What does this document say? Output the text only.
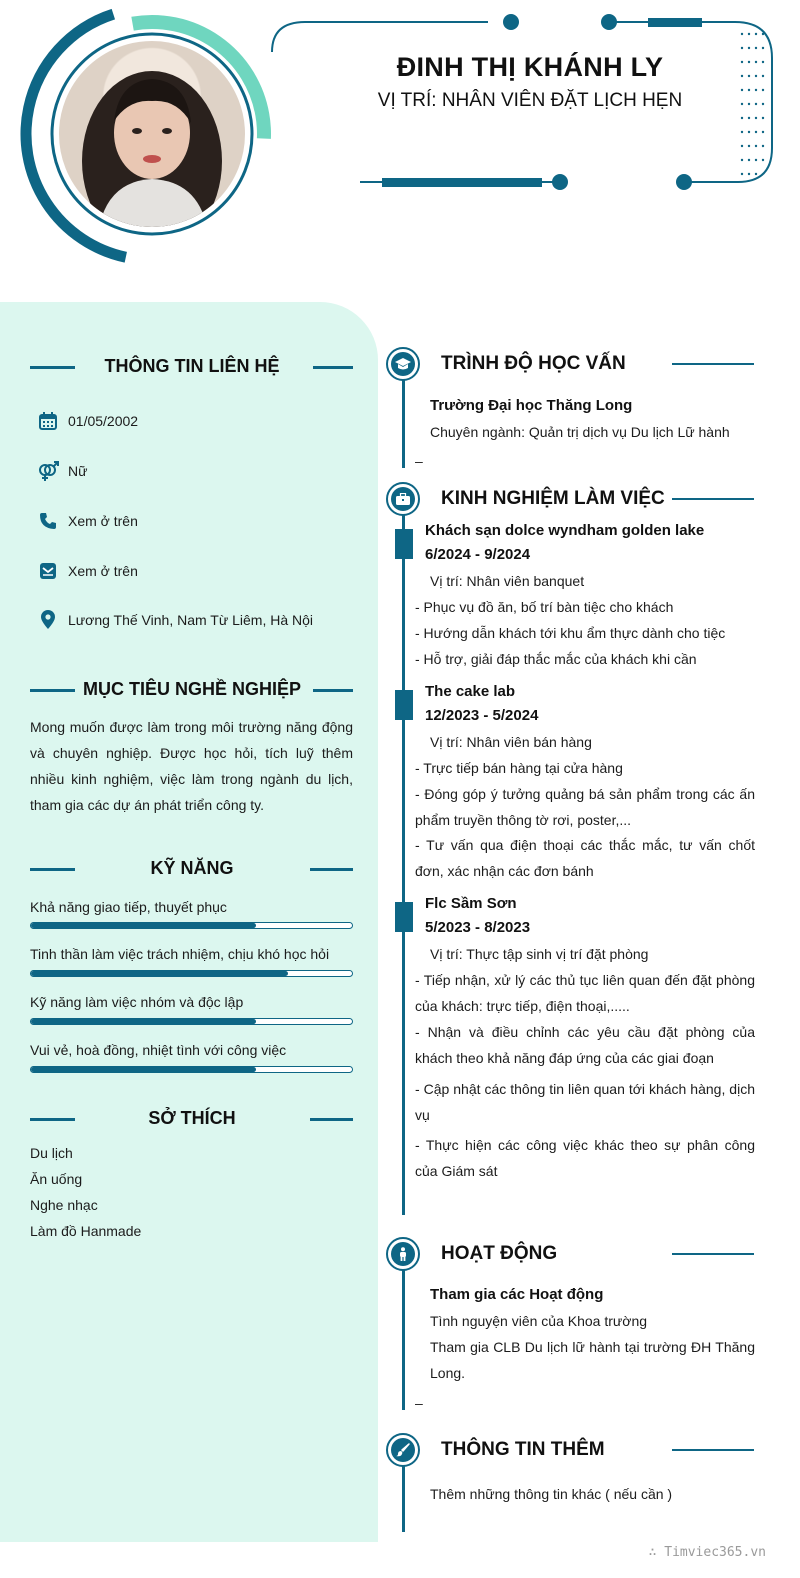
ĐINH THỊ KHÁNH LY
VỊ TRÍ: NHÂN VIÊN ĐẶT LỊCH HẸN
THÔNG TIN LIÊN HỆ
01/05/2002
Nữ
Xem ở trên
Xem ở trên
Lương Thế Vinh, Nam Từ Liêm, Hà Nội
MỤC TIÊU NGHỀ NGHIỆP
Mong muốn được làm trong môi trường năng động và chuyên nghiệp. Được học hỏi, tích luỹ thêm nhiều kinh nghiệm, việc làm trong ngành du lịch, tham gia các dự án phát triển công ty.
KỸ NĂNG
Khả năng giao tiếp, thuyết phục
Tinh thần làm việc trách nhiệm, chịu khó học hỏi
Kỹ năng làm việc nhóm và độc lập
Vui vẻ, hoà đồng, nhiệt tình với công việc
SỞ THÍCH
Du lịch
Ăn uống
Nghe nhạc
Làm đồ Hanmade
TRÌNH ĐỘ HỌC VẤN
Trường Đại học Thăng Long
Chuyên ngành: Quản trị dịch vụ Du lịch Lữ hành
–
KINH NGHIỆM LÀM VIỆC
Khách sạn dolce wyndham golden lake
6/2024 - 9/2024
Vị trí: Nhân viên banquet
- Phục vụ đồ ăn, bố trí bàn tiệc cho khách
- Hướng dẫn khách tới khu ẩm thực dành cho tiệc
- Hỗ trợ, giải đáp thắc mắc của khách khi cần
The cake lab
12/2023 - 5/2024
Vị trí: Nhân viên bán hàng
- Trực tiếp bán hàng tại cửa hàng
- Đóng góp ý tưởng quảng bá sản phẩm trong các ấn phẩm truyền thông tờ rơi, poster,...
- Tư vấn qua điện thoại các thắc mắc, tư vấn chốt đơn, xác nhận các đơn bánh
Flc Sầm Sơn
5/2023 - 8/2023
Vị trí: Thực tập sinh vị trí đặt phòng
- Tiếp nhận, xử lý các thủ tục liên quan đến đặt phòng của khách: trực tiếp, điện thoại,.....
- Nhận và điều chỉnh các yêu cầu đặt phòng của khách theo khả năng đáp ứng của các giai đoạn
- Cập nhật các thông tin liên quan tới khách hàng, dịch vụ
- Thực hiện các công việc khác theo sự phân công của Giám sát
HOẠT ĐỘNG
Tham gia các Hoạt động
Tình nguyện viên của Khoa trường
Tham gia CLB Du lịch lữ hành tại trường ĐH Thăng Long.
–
THÔNG TIN THÊM
Thêm những thông tin khác ( nếu cần )
∴ Timviec365.vn
